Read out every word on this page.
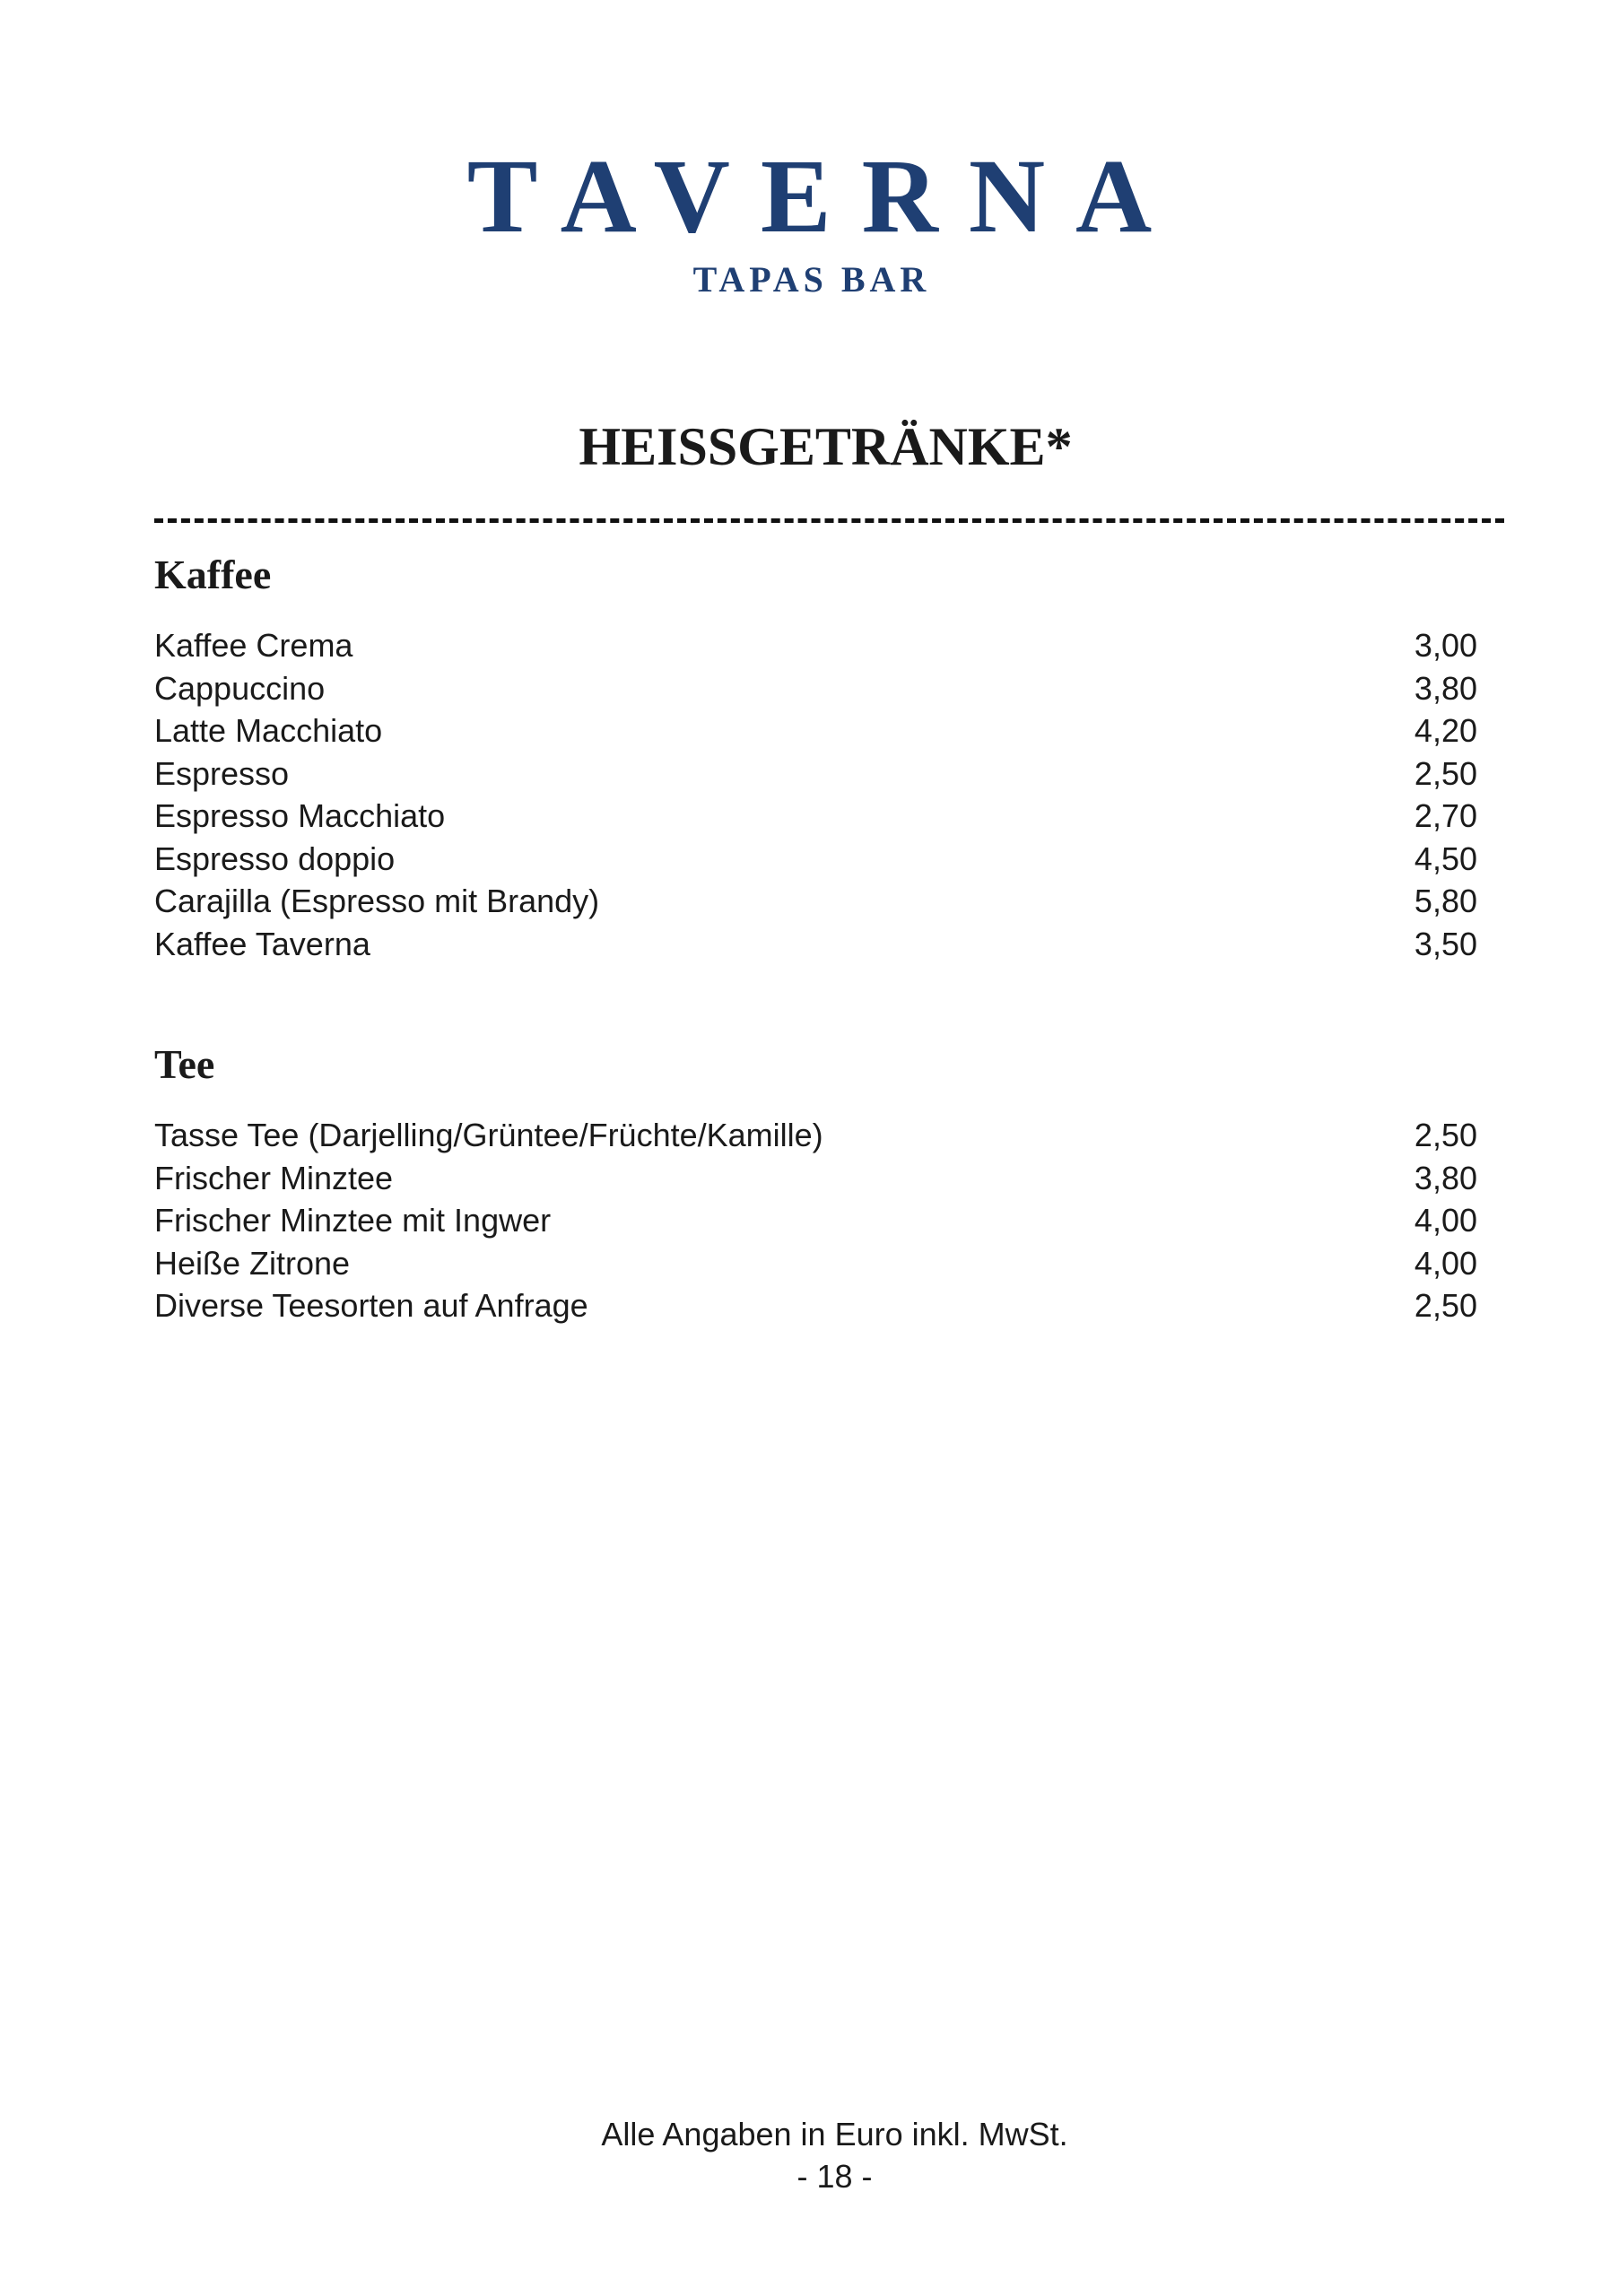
TAVERNA
TAPAS BAR
HEISSGETRÄNKE*
Kaffee
Kaffee Crema	3,00
Cappuccino	3,80
Latte Macchiato	4,20
Espresso	2,50
Espresso Macchiato	2,70
Espresso doppio	4,50
Carajilla (Espresso mit Brandy)	5,80
Kaffee Taverna	3,50
Tee
Tasse Tee (Darjelling/Grüntee/Früchte/Kamille)	2,50
Frischer Minztee	3,80
Frischer Minztee mit Ingwer	4,00
Heiße Zitrone	4,00
Diverse Teesorten auf Anfrage	2,50
Alle Angaben in Euro inkl. MwSt.
- 18 -
